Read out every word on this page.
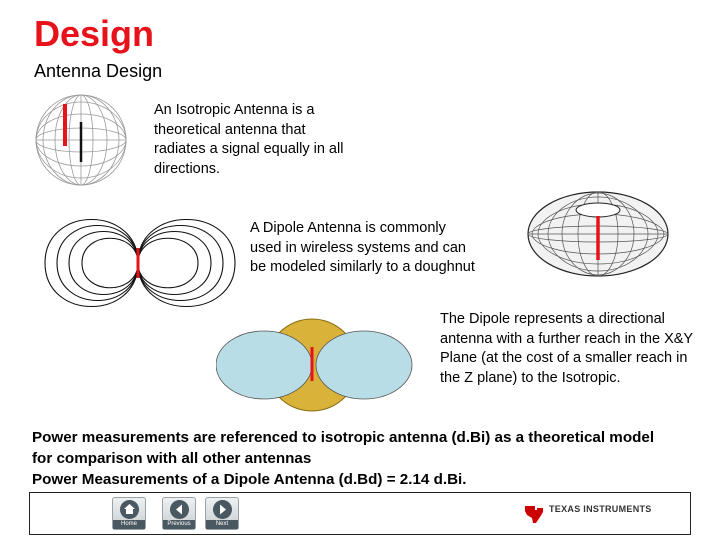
Design
Antenna Design
An Isotropic Antenna is a theoretical antenna that radiates a signal equally in all directions.
A Dipole Antenna is commonly used in wireless systems and can be modeled similarly to a doughnut
The Dipole represents a directional antenna with a further reach in the X&Y Plane (at the cost of a smaller reach in the Z plane) to the Isotropic.
Power measurements are referenced to isotropic antenna (d.Bi) as a theoretical model
for comparison with all other antennas
Power Measurements of a Dipole Antenna (d.Bd) = 2.14 d.Bi.
Home	Previous	Next
TEXAS INSTRUMENTS
